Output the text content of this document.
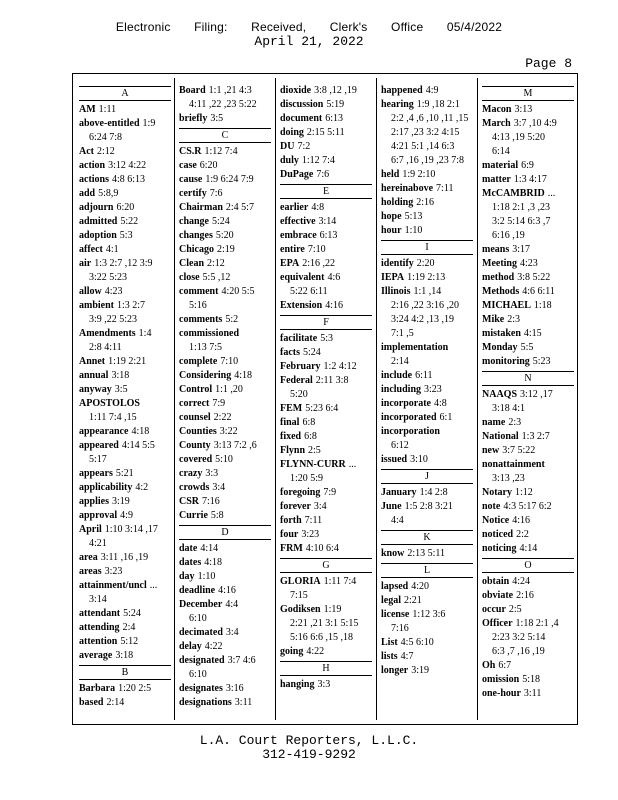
Electronic Filing: Received, Clerk's Office 05/4/2022
April 21, 2022
Page 8
A
AM 1:11
above-entitled 1:9
6:24 7:8
Act 2:12
action 3:12 4:22
actions 4:8 6:13
add 5:8,9
adjourn 6:20
admitted 5:22
adoption 5:3
affect 4:1
air 1:3 2:7 ,12 3:9
3:22 5:23
allow 4:23
ambient 1:3 2:7
3:9 ,22 5:23
Amendments 1:4
2:8 4:11
Annet 1:19 2:21
annual 3:18
anyway 3:5
APOSTOLOS
1:11 7:4 ,15
appearance 4:18
appeared 4:14 5:5
5:17
appears 5:21
applicability 4:2
applies 3:19
approval 4:9
April 1:10 3:14 ,17
4:21
area 3:11 ,16 ,19
areas 3:23
attainment/uncl ...
3:14
attendant 5:24
attending 2:4
attention 5:12
average 3:18
B
Barbara 1:20 2:5
based 2:14
Board 1:1 ,21 4:3
4:11 ,22 ,23 5:22
briefly 3:5
C
CS.R 1:12 7:4
case 6:20
cause 1:9 6:24 7:9
certify 7:6
Chairman 2:4 5:7
change 5:24
changes 5:20
Chicago 2:19
Clean 2:12
close 5:5 ,12
comment 4:20 5:5
5:16
comments 5:2
commissioned
1:13 7:5
complete 7:10
Considering 4:18
Control 1:1 ,20
correct 7:9
counsel 2:22
Counties 3:22
County 3:13 7:2 ,6
covered 5:10
crazy 3:3
crowds 3:4
CSR 7:16
Currie 5:8
D
date 4:14
dates 4:18
day 1:10
deadline 4:16
December 4:4
6:10
decimated 3:4
delay 4:22
designated 3:7 4:6
6:10
designates 3:16
designations 3:11
dioxide 3:8 ,12 ,19
discussion 5:19
document 6:13
doing 2:15 5:11
DU 7:2
duly 1:12 7:4
DuPage 7:6
E
earlier 4:8
effective 3:14
embrace 6:13
entire 7:10
EPA 2:16 ,22
equivalent 4:6
5:22 6:11
Extension 4:16
F
facilitate 5:3
facts 5:24
February 1:2 4:12
Federal 2:11 3:8
5:20
FEM 5:23 6:4
final 6:8
fixed 6:8
Flynn 2:5
FLYNN-CURR ...
1:20 5:9
foregoing 7:9
forever 3:4
forth 7:11
four 3:23
FRM 4:10 6:4
G
GLORIA 1:11 7:4
7:15
Godiksen 1:19
2:21 ,21 3:1 5:15
5:16 6:6 ,15 ,18
going 4:22
H
hanging 3:3
happened 4:9
hearing 1:9 ,18 2:1
2:2 ,4 ,6 ,10 ,11 ,15
2:17 ,23 3:2 4:15
4:21 5:1 ,14 6:3
6:7 ,16 ,19 ,23 7:8
held 1:9 2:10
hereinabove 7:11
holding 2:16
hope 5:13
hour 1:10
I
identify 2:20
IEPA 1:19 2:13
Illinois 1:1 ,14
2:16 ,22 3:16 ,20
3:24 4:2 ,13 ,19
7:1 ,5
implementation
2:14
include 6:11
including 3:23
incorporate 4:8
incorporated 6:1
incorporation
6:12
issued 3:10
J
January 1:4 2:8
June 1:5 2:8 3:21
4:4
K
know 2:13 5:11
L
lapsed 4:20
legal 2:21
license 1:12 3:6
7:16
List 4:5 6:10
lists 4:7
longer 3:19
M
Macon 3:13
March 3:7 ,10 4:9
4:13 ,19 5:20
6:14
material 6:9
matter 1:3 4:17
McCAMBRID ...
1:18 2:1 ,3 ,23
3:2 5:14 6:3 ,7
6:16 ,19
means 3:17
Meeting 4:23
method 3:8 5:22
Methods 4:6 6:11
MICHAEL 1:18
Mike 2:3
mistaken 4:15
Monday 5:5
monitoring 5:23
N
NAAQS 3:12 ,17
3:18 4:1
name 2:3
National 1:3 2:7
new 3:7 5:22
nonattainment
3:13 ,23
Notary 1:12
note 4:3 5:17 6:2
Notice 4:16
noticed 2:2
noticing 4:14
O
obtain 4:24
obviate 2:16
occur 2:5
Officer 1:18 2:1 ,4
2:23 3:2 5:14
6:3 ,7 ,16 ,19
Oh 6:7
omission 5:18
one-hour 3:11
L.A. Court Reporters, L.L.C.
312-419-9292
